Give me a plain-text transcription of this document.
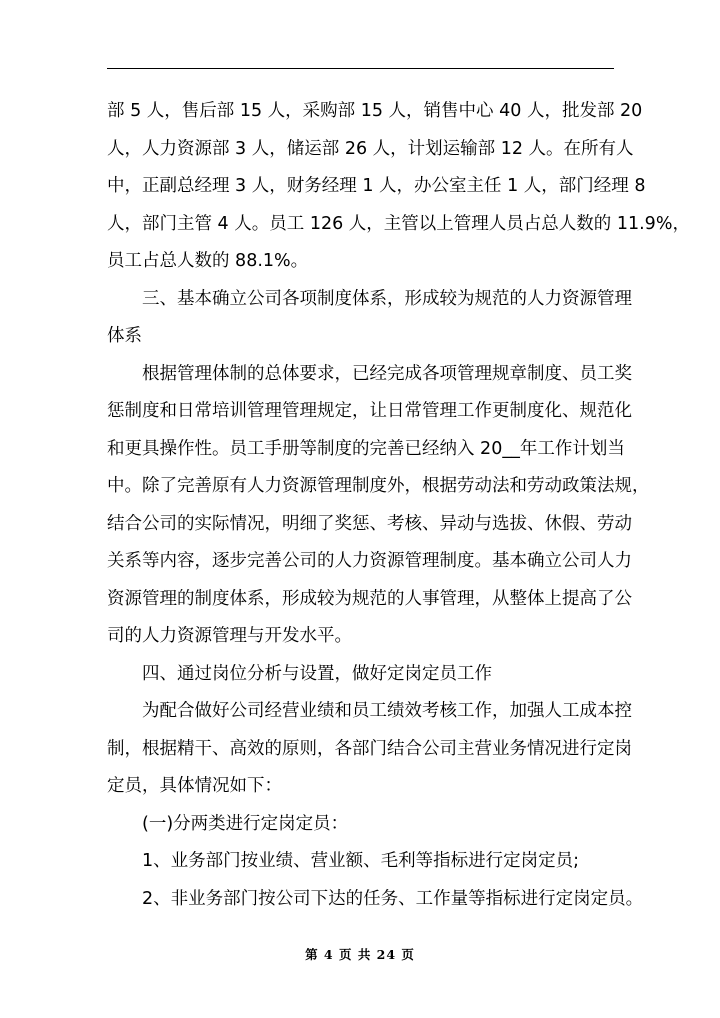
部 5 人，售后部 15 人，采购部 15 人，销售中心 40 人，批发部 20
人，人力资源部 3 人，储运部 26 人，计划运输部 12 人。在所有人
中，正副总经理 3 人，财务经理 1 人，办公室主任 1 人，部门经理 8
人，部门主管 4 人。员工 126 人，主管以上管理人员占总人数的 11.9%，
员工占总人数的 88.1%。
三、基本确立公司各项制度体系，形成较为规范的人力资源管理
体系
根据管理体制的总体要求，已经完成各项管理规章制度、员工奖
惩制度和日常培训管理管理规定，让日常管理工作更制度化、规范化
和更具操作性。员工手册等制度的完善已经纳入 20__年工作计划当
中。除了完善原有人力资源管理制度外，根据劳动法和劳动政策法规，
结合公司的实际情况，明细了奖惩、考核、异动与选拔、休假、劳动
关系等内容，逐步完善公司的人力资源管理制度。基本确立公司人力
资源管理的制度体系，形成较为规范的人事管理，从整体上提高了公
司的人力资源管理与开发水平。
四、通过岗位分析与设置，做好定岗定员工作
为配合做好公司经营业绩和员工绩效考核工作，加强人工成本控
制，根据精干、高效的原则，各部门结合公司主营业务情况进行定岗
定员，具体情况如下：
(一)分两类进行定岗定员：
1、业务部门按业绩、营业额、毛利等指标进行定岗定员;
2、非业务部门按公司下达的任务、工作量等指标进行定岗定员。
第 4 页 共 24 页
